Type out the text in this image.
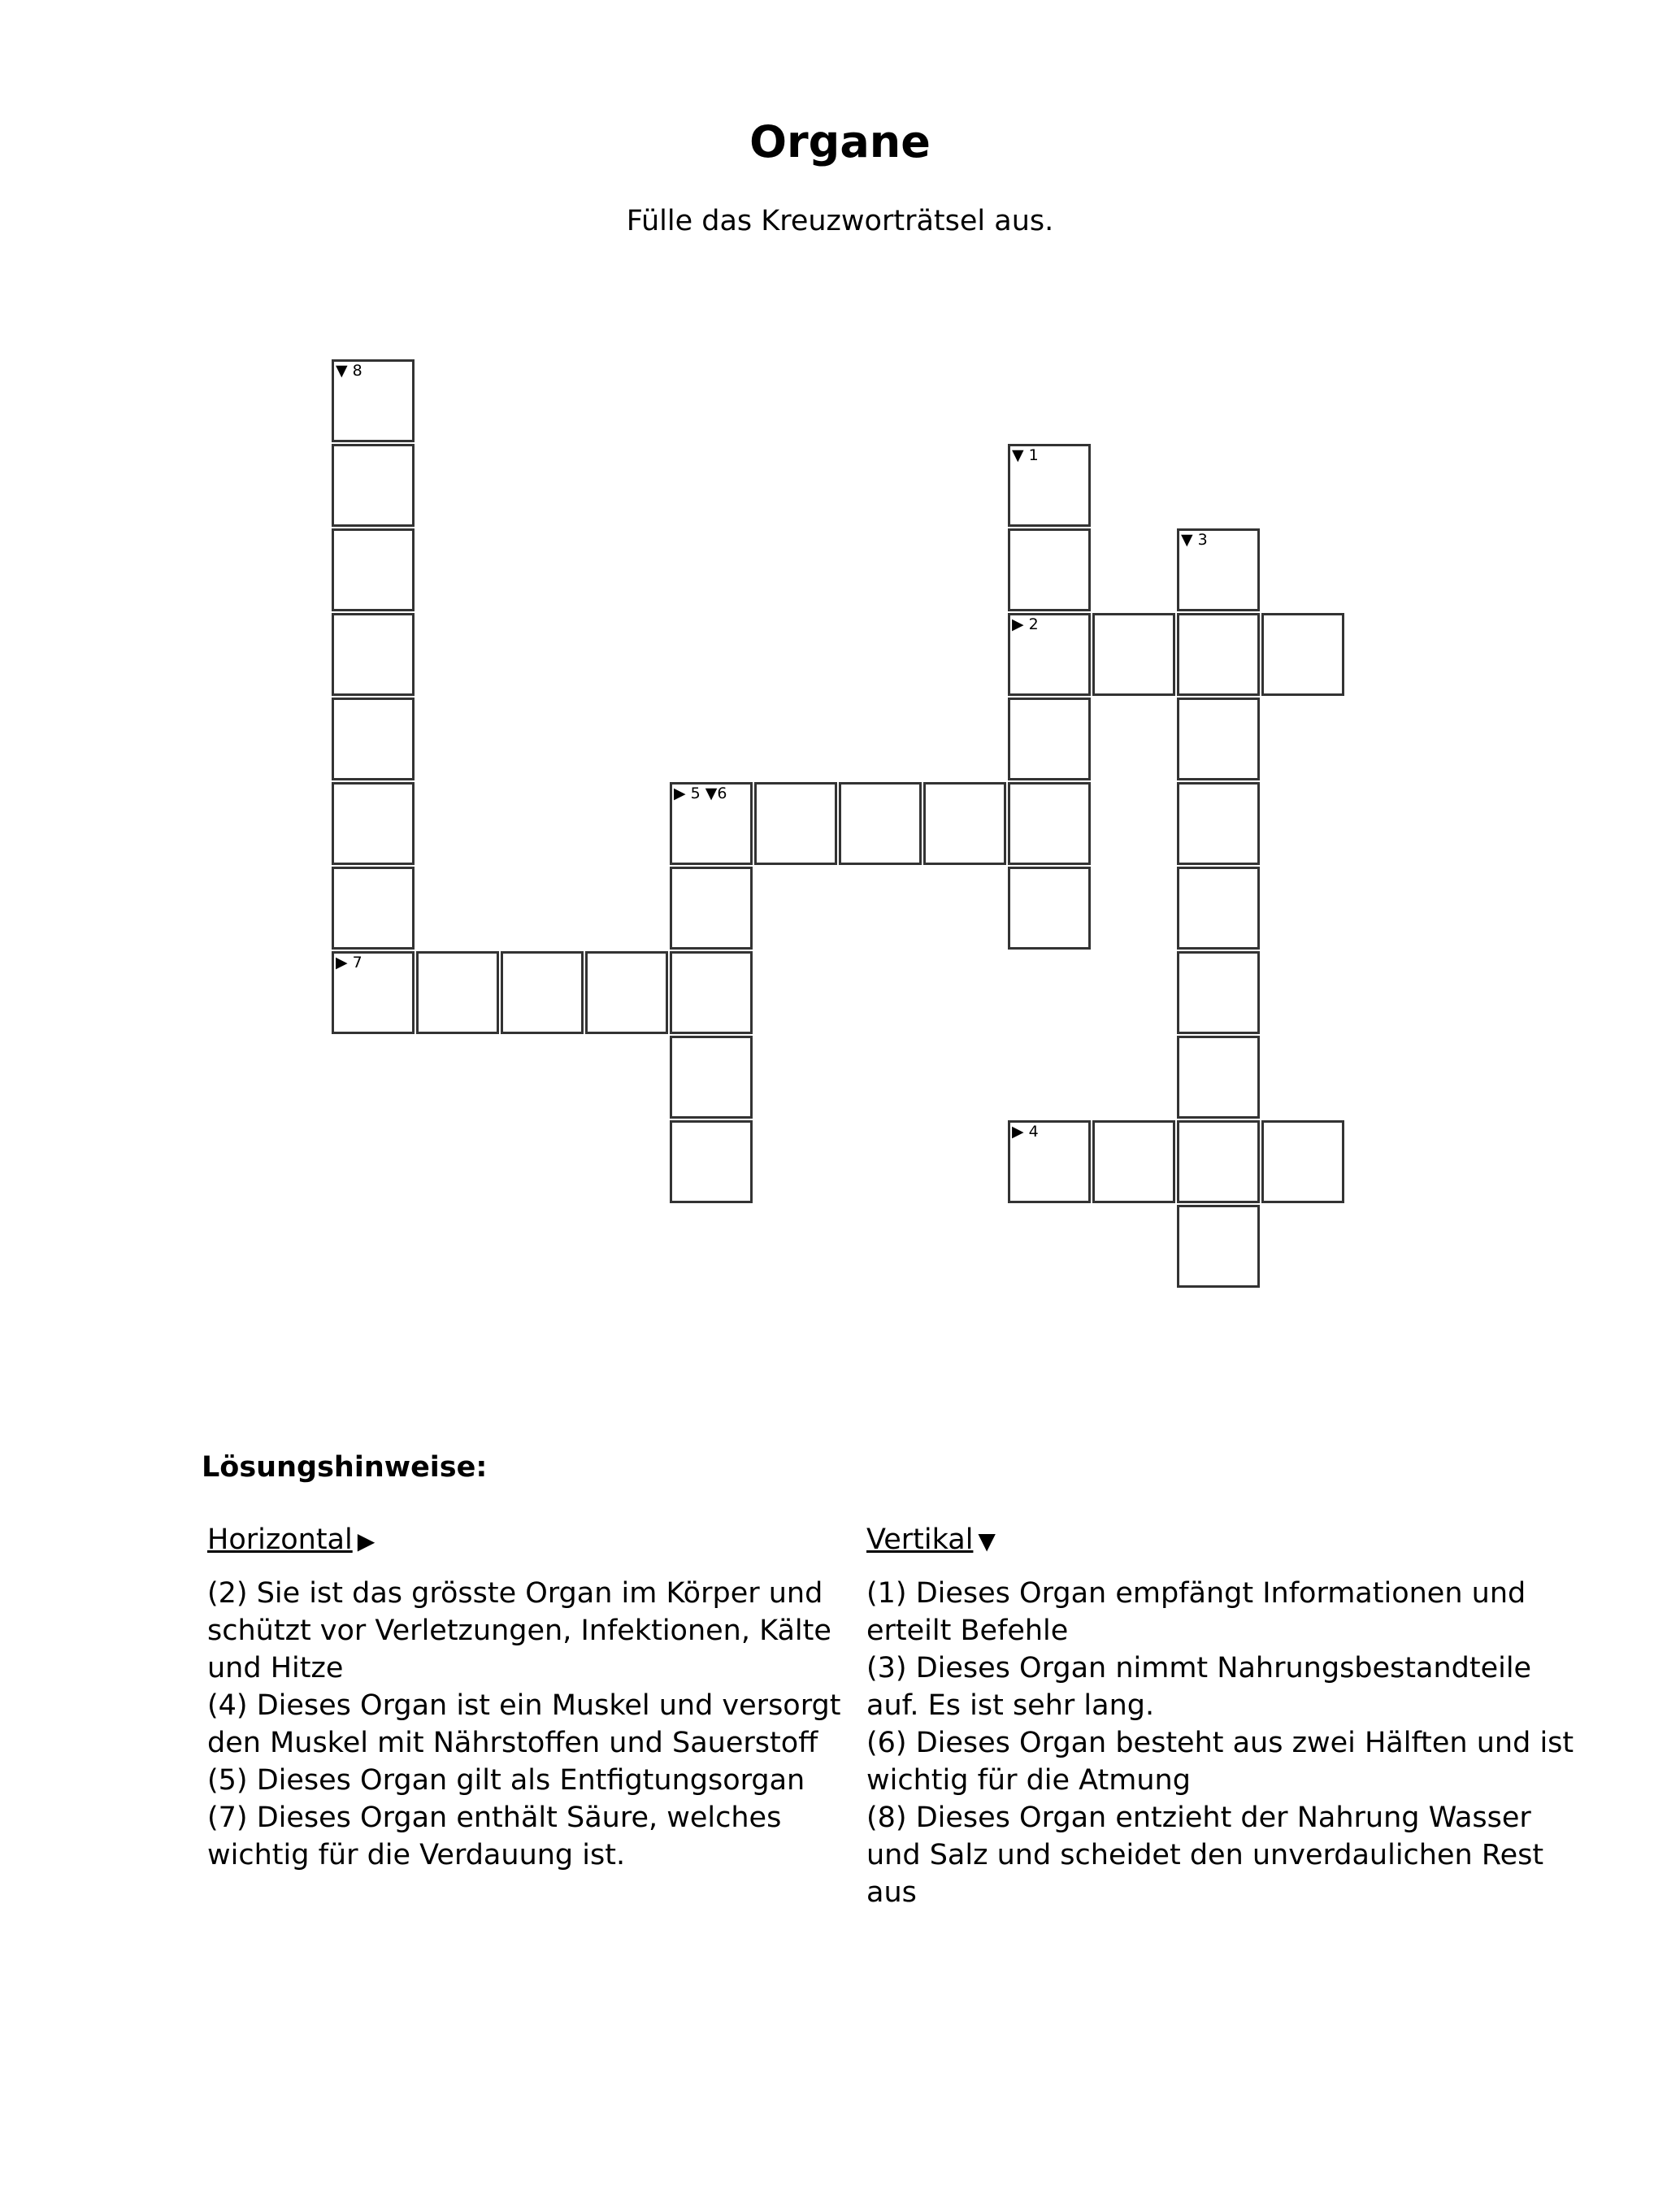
Organe
Fülle das Kreuzworträtsel aus.
▼ 8
▶ 7
▶ 5 ▼6
▼ 1
▶ 2
▼ 3
▶ 4
Lösungshinweise:
Horizontal ▶	Vertikal ▼
(2) Sie ist das grösste Organ im Körper und
schützt vor Verletzungen, Infektionen, Kälte
und Hitze
(4) Dieses Organ ist ein Muskel und versorgt
den Muskel mit Nährstoffen und Sauerstoff
(5) Dieses Organ gilt als Entfigtungsorgan
(7) Dieses Organ enthält Säure, welches
wichtig für die Verdauung ist.
(1) Dieses Organ empfängt Informationen und
erteilt Befehle
(3) Dieses Organ nimmt Nahrungsbestandteile
auf. Es ist sehr lang.
(6) Dieses Organ besteht aus zwei Hälften und ist
wichtig für die Atmung
(8) Dieses Organ entzieht der Nahrung Wasser
und Salz und scheidet den unverdaulichen Rest
aus
